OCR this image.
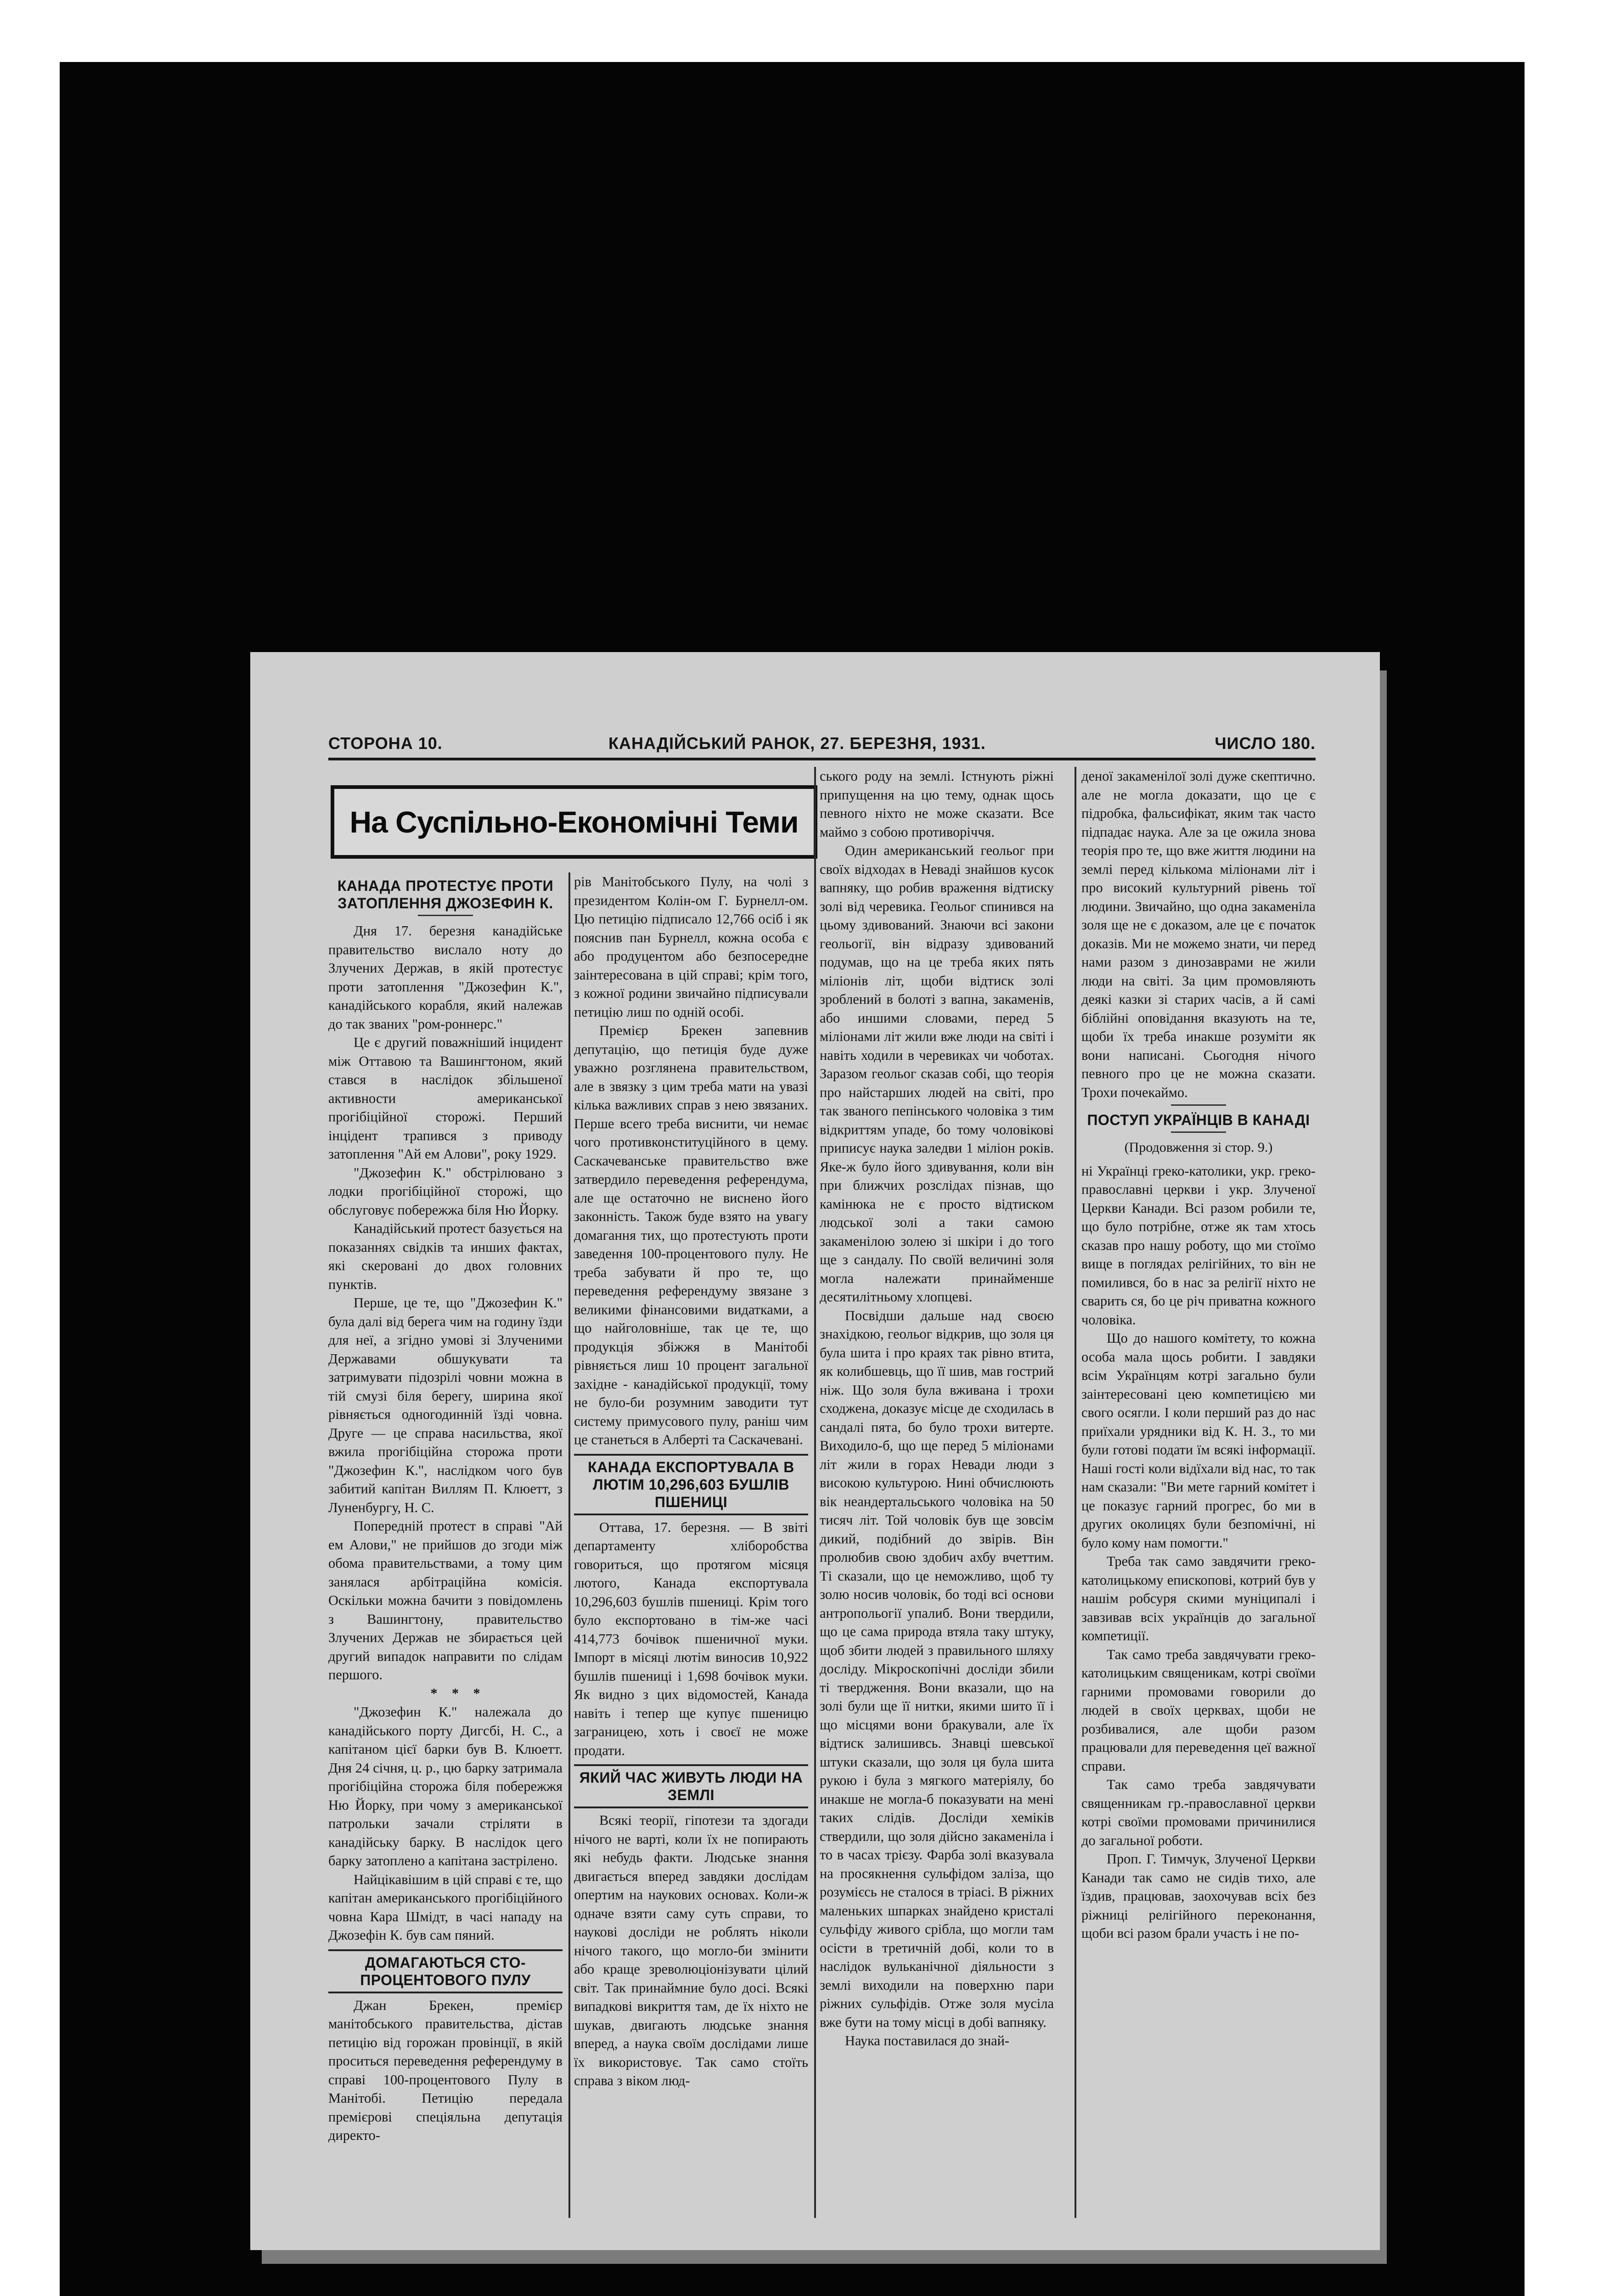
СТОРОНА 10.	КАНАДІЙСЬКИЙ РАНОК, 27. БЕРЕЗНЯ, 1931.	ЧИСЛО 180.
На Суспільно-Економічні Теми
КАНАДА ПРОТЕСТУЄ ПРОТИ ЗАТОПЛЕННЯ ДЖОЗЕФИН К.

Дня 17. березня канадійське правительство вислало ноту до Злучених Держав, в якій протестує проти затоплення "Джозефин К.", канадійського корабля, який належав до так званих "ром-роннерс."

Це є другий поважніший інцидент між Оттавою та Вашингтоном, який стався в наслідок збільшеної активности американської прогібіційної сторожі. Перший інцідент трапився з приводу затоплення "Ай ем Алови", року 1929.

"Джозефин К." обстрілювано з лодки прогібіційної сторожі, що обслуговує побережжа біля Ню Йорку.

Канадійський протест базується на показаннях свідків та инших фактах, які скеровані до двох головних пунктів.

Перше, це те, що "Джозефин К." була далі від берега чим на годину їзди для неї, а згідно умові зі Злученими Державами обшукувати та затримувати підозрілі човни можна в тій смузі біля берегу, ширина якої рівняється одногодинній їзді човна. Друге — це справа насильства, якої вжила прогібіційна сторожа проти "Джозефин К.", наслідком чого був забитий капітан Виллям П. Клюетт, з Луненбургу, Н. С.

Попередній протест в справі "Ай ем Алови," не прийшов до згоди між обома правительствами, а тому цим занялася арбітраційна комісія. Оскільки можна бачити з повідомлень з Вашингтону, правительство Злучених Держав не збирається цей другий випадок направити по слідам першого.

* * *

"Джозефин К." належала до канадійського порту Дигсбі, Н. С., а капітаном цієї барки був В. Клюетт. Дня 24 січня, ц. р., цю барку затримала прогібіційна сторожа біля побережжя Ню Йорку, при чому з американської патрольки зачали стріляти в канадійську барку. В наслідок цего барку затоплено а капітана застрілено.

Найцікавішим в цій справі є те, що капітан американського прогібіційного човна Кара Шмідт, в часі нападу на Джозефін К. був сам пяний.

ДОМАГАЮТЬСЯ СТО-ПРОЦЕНТОВОГО ПУЛУ

Джан Брекен, премієр манітобського правительства, дістав петицію від горожан провінції, в якій проситься переведення референдуму в справі 100-процентового Пулу в Манітобі. Петицію передала премієрові спеціяльна депутація директо-

рів Манітобського Пулу, на чолі з президентом Колін-ом Г. Бурнелл-ом. Цю петицію підписало 12,766 осіб і як пояснив пан Бурнелл, кожна особа є або продуцентом або безпосередне заінтересована в цій справі; крім того, з кожної родини звичайно підписували петицію лиш по одній особі.

Премієр Брекен запевнив депутацію, що петиція буде дуже уважно розглянена правительством, але в звязку з цим треба мати на увазі кілька важливих справ з нею звязаних. Перше всего треба виснити, чи немає чого противконституційного в цему. Саскачеванське правительство вже затвердило переведення референдума, але ще остаточно не виснено його законність. Також буде взято на увагу домагання тих, що протестують проти заведення 100-процентового пулу. Не треба забувати й про те, що переведення референдуму звязане з великими фінансовими видатками, а що найголовніше, так це те, що продукція збіжжя в Манітобі рівняється лиш 10 процент загальної західне - канадійської продукції, тому не було-би розумним заводити тут систему примусового пулу, раніш чим це станеться в Алберті та Саскачевані.

КАНАДА ЕКСПОРТУВАЛА В ЛЮТІМ 10,296,603 БУШЛІВ ПШЕНИЦІ

Оттава, 17. березня. — В звіті департаменту хліборобства говориться, що протягом місяця лютого, Канада експортувала 10,296,603 бушлів пшениці. Крім того було експортовано в тім-же часі 414,773 бочівок пшеничної муки. Імпорт в місяці лютім виносив 10,922 бушлів пшениці і 1,698 бочівок муки. Як видно з цих відомостей, Канада навіть і тепер ще купує пшеницю заграницею, хоть і своєї не може продати.

ЯКИЙ ЧАС ЖИВУТЬ ЛЮДИ НА ЗЕМЛІ

Всякі теорії, гіпотези та здогади нічого не варті, коли їх не попирають які небудь факти. Людське знання двигається вперед завдяки дослідам опертим на наукових основах. Коли-ж одначе взяти саму суть справи, то наукові досліди не роблять ніколи нічого такого, що могло-би змінити або краще зреволюціонізувати цілий світ. Так принаймние було досі. Всякі випадкові викриття там, де їх ніхто не шукав, двигають людське знання вперед, а наука своїм дослідами лише їх використовує. Так само стоїть справа з віком люд-

ського роду на землі. Істнують ріжні припущення на цю тему, однак щось певного ніхто не може сказати. Все маймо з собою противоріччя.

Один американський геольог при своїх відходах в Неваді знайшов кусок вапняку, що робив враження відтиску золі від черевика. Геольог спинився на цьому здивований. Знаючи всі закони геольогії, він відразу здивований подумав, що на це треба яких пять міліонів літ, щоби відтиск золі зроблений в болоті з вапна, закаменів, або иншими словами, перед 5 міліонами літ жили вже люди на світі і навіть ходили в черевиках чи чоботах. Заразом геольог сказав собі, що теорія про найстарших людей на світі, про так званого пепінського чоловіка з тим відкриттям упаде, бо тому чоловікові приписує наука заледви 1 міліон років. Яке-ж було його здивування, коли він при ближчих розслідах пізнав, що камінюка не є просто відтиском людської золі а таки самою закаменілою золею зі шкіри і до того ще з сандалу. По своїй величині золя могла належати принайменше десятилітньому хлопцеві.

Посвідши дальше над своєю знахідкою, геольог відкрив, що золя ця була шита і про краях так рівно втита, як колибшевць, що її шив, мав гострий ніж. Що золя була вживана і трохи сходжена, доказує місце де сходилась в сандалі пята, бо було трохи витерте. Виходило-б, що ще перед 5 міліонами літ жили в горах Невади люди з високою культурою. Нині обчислюють вік неандертальського чоловіка на 50 тисяч літ. Той чоловік був ще зовсім дикий, подібний до звірів. Він пролюбив свою здобич ахбу вчеттим. Ті сказали, що це неможливо, щоб ту золю носив чоловік, бо тоді всі основи антропольогії упалиб. Вони твердили, що це сама природа втяла таку штуку, щоб збити людей з правильного шляху досліду. Мікроскопічні досліди збили ті твердження. Вони вказали, що на золі були ще її нитки, якими шито її і що місцями вони бракували, але їх відтиск залишивсь. Знавці шевської штуки сказали, що золя ця була шита рукою і була з мягкого матеріялу, бо инакше не могла-б показувати на мені таких слідів. Досліди хеміків ствердили, що золя дійсно закаменіла і то в часах трієзу. Фарба золі вказувала на просякнення сульфідом заліза, що розумієсь не сталося в тріасі. В ріжних маленьких шпарках знайдено кристалі сульфіду живого срібла, що могли там осісти в третичній добі, коли то в наслідок вульканічної діяльности з землі виходили на поверхню пари ріжних сульфідів. Отже золя мусіла вже бути на тому місці в добі вапняку.

Наука поставилася до знай-

деної закаменілої золі дуже скептично. але не могла доказати, що це є підробка, фальсифікат, яким так часто підпадає наука. Але за це ожила знова теорія про те, що вже життя людини на землі перед кількома міліонами літ і про високий культурний рівень тої людини. Звичайно, що одна закаменіла золя ще не є доказом, але це є початок доказів. Ми не можемо знати, чи перед нами разом з динозаврами не жили люди на світі. За цим промовляють деякі казки зі старих часів, а й самі біблійні оповідання вказують на те, щоби їх треба инакше розуміти як вони написані. Сьогодня нічого певного про це не можна сказати. Трохи почекаймо.

ПОСТУП УКРАЇНЦІВ В КАНАДІ

(Продовження зі стор. 9.)

ні Українці греко-католики, укр. греко-православні церкви і укр. Злученої Церкви Канади. Всі разом робили те, що було потрібне, отже як там хтось сказав про нашу роботу, що ми стоїмо вище в поглядах релігійних, то він не помилився, бо в нас за релігії ніхто не сварить ся, бо це річ приватна кожного чоловіка.

Що до нашого комітету, то кожна особа мала щось робити. І завдяки всім Українцям котрі загально були заінтересовані цею компетицією ми свого осягли. І коли перший раз до нас приїхали урядники від К. Н. З., то ми були готові подати їм всякі інформації. Наші гості коли відїхали від нас, то так нам сказали: "Ви мете гарний комітет і це показує гарний прогрес, бо ми в других околицях були безпомічні, ні було кому нам помогти."

Треба так само завдячити греко-католицькому епископові, котрий був у нашім робсуря скими муніципалі і завзивав всіх українців до загальної компетиції.

Так само треба завдячувати греко-католицьким священикам, котрі своїми гарними промовами говорили до людей в своїх церквах, щоби не розбивалися, але щоби разом працювали для переведення цеї важної справи.

Так само треба завдячувати священникам гр.-православної церкви котрі своїми промовами причинилися до загальної роботи.

Проп. Г. Тимчук, Злученої Церкви Канади так само не сидів тихо, але їздив, працював, заохочував всіх без ріжниці релігійного переконання, щоби всі разом брали участь і не по-
